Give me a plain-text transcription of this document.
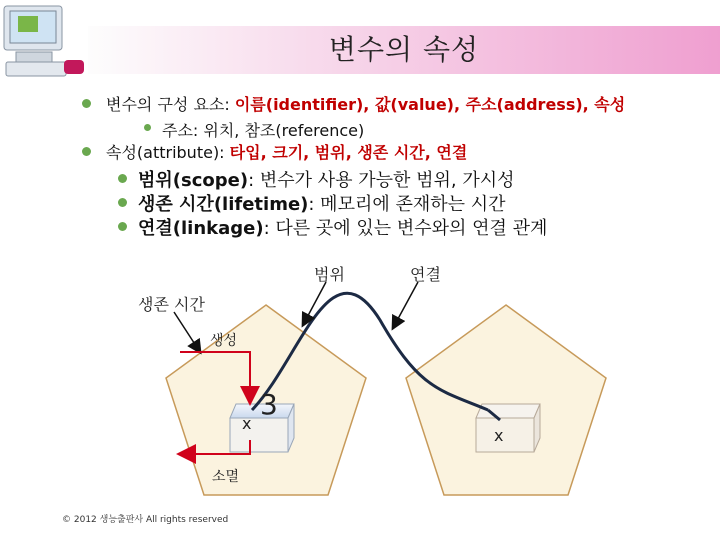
변수의 속성
변수의 구성 요소: 이름(identifier), 값(value), 주소(address), 속성
주소: 위치, 참조(reference)
속성(attribute): 타입, 크기, 범위, 생존 시간, 연결
범위(scope): 변수가 사용 가능한 범위, 가시성
생존 시간(lifetime): 메모리에 존재하는 시간
연결(linkage): 다른 곳에 있는 변수와의 연결 관계
범위	연결
생존 시간
생성
소멸
x
3
x
© 2012 생능출판사 All rights reserved
